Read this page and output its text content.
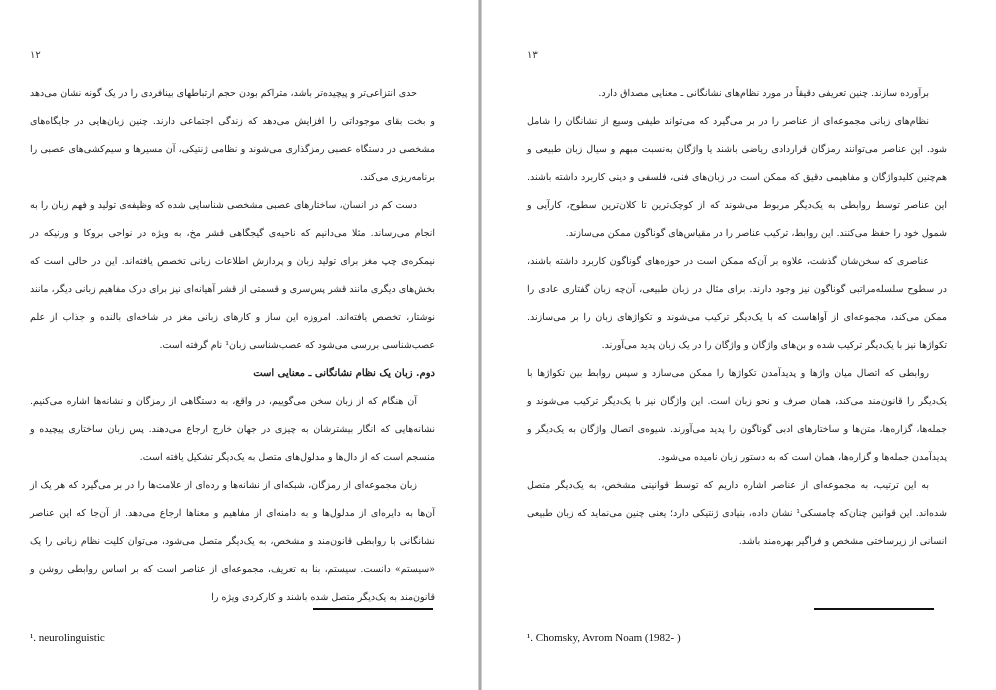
۱۲

حدی انتزاعی‌تر و پیچیده‌تر باشد، متراکم بودن حجم ارتباطهای بینافردی را در یک گونه نشان می‌دهد و بخت بقای موجوداتی را افزایش می‌دهد که زندگی اجتماعی دارند. چنین زبان‌هایی در جایگاه‌های مشخصی در دستگاه عصبی رمزگذاری می‌شوند و نظامی ژنتیکی، آن مسیرها و سیم‌کشی‌های عصبی را برنامه‌ریزی می‌کند.

دست کم در انسان، ساختارهای عصبی مشخصی شناسایی شده که وظیفه‌ی تولید و فهم زبان را به انجام می‌رساند. مثلا می‌دانیم که ناحیه‌ی گیجگاهی قشر مخ، به ویژه در نواحی بروکا و ورنیکه در نیمکره‌ی چپ مغز برای تولید زبان و پردازش اطلاعات زبانی تخصص یافته‌اند. این در حالی است که بخش‌های دیگری مانند قشر پس‌سری و قسمتی از قشر آهیانه‌ای نیز برای درک مفاهیم زبانی دیگر، مانند نوشتار، تخصص یافته‌اند. امروزه این ساز و کارهای زبانی مغز در شاخه‌ای بالنده و جذاب از علم عصب‌شناسی بررسی می‌شود که عصب‌شناسی زبان¹ نام گرفته است.

دوم. زبان یک نظام نشانگانی ـ معنایی است

آن هنگام که از زبان سخن می‌گوییم، در واقع، به دستگاهی از رمزگان و نشانه‌ها اشاره می‌کنیم. نشانه‌هایی که انگار بیشترشان به چیزی در جهان خارج ارجاع می‌دهند. پس زبان ساختاری پیچیده و منسجم است که از دال‌ها و مدلول‌های متصل به یک‌دیگر تشکیل یافته است.

زبان مجموعه‌ای از رمزگان، شبکه‌ای از نشانه‌ها و رده‌ای از علامت‌ها را در بر می‌گیرد که هر یک از آن‌ها به دایره‌ای از مدلول‌ها و به دامنه‌ای از مفاهیم و معناها ارجاع می‌دهد. از آن‌جا که این عناصر نشانگانی با روابطی قانون‌مند و مشخص، به یک‌دیگر متصل می‌شود، می‌توان کلیت نظام زبانی را یک «سیستم» دانست. سیستم، بنا به تعریف، مجموعه‌ای از عناصر است که بر اساس روابطی روشن و قانون‌مند به یک‌دیگر متصل شده باشند و کارکردی ویژه را

¹. neurolinguistic
۱۳

برآورده سازند. چنین تعریفی دقیقاً در مورد نظام‌های نشانگانی ـ معنایی مصداق دارد.

نظام‌های زبانی مجموعه‌ای از عناصر را در بر می‌گیرد که می‌تواند طیفی وسیع از نشانگان را شامل شود. این عناصر می‌توانند رمزگان قراردادی ریاضی باشند یا واژگان به‌نسبت مبهم و سیال زبان طبیعی و هم‌چنین کلیدواژگان و مفاهیمی دقیق که ممکن است در زبان‌های فنی، فلسفی و دینی کاربرد داشته باشند. این عناصر توسط روابطی به یک‌دیگر مربوط می‌شوند که از کوچک‌ترین تا کلان‌ترین سطوح، کارآیی و شمول خود را حفظ می‌کنند. این روابط، ترکیب عناصر را در مقیاس‌های گوناگون ممکن می‌سازند.

عناصری که سخن‌شان گذشت، علاوه بر آن‌که ممکن است در حوزه‌های گوناگون کاربرد داشته باشند، در سطوح سلسله‌مراتبی گوناگون نیز وجود دارند. برای مثال در زبان طبیعی، آن‌چه زبان گفتاری عادی را ممکن می‌کند، مجموعه‌ای از آواهاست که با یک‌دیگر ترکیب می‌شوند و تکواژهای زبان را بر می‌سازند. تکواژها نیز با یک‌دیگر ترکیب شده و بن‌های واژگان و واژگان را در یک زبان پدید می‌آورند.

روابطی که اتصال میان واژها و پدیدآمدن تکواژها را ممکن می‌سازد و سپس روابط بین تکواژها با یک‌دیگر را قانون‌مند می‌کند، همان صرف و نحو زبان است. این واژگان نیز با یک‌دیگر ترکیب می‌شوند و جمله‌ها، گزاره‌ها، متن‌ها و ساختارهای ادبی گوناگون را پدید می‌آورند. شیوه‌ی اتصال واژگان به یک‌دیگر و پدیدآمدن جمله‌ها و گزاره‌ها، همان است که به دستور زبان نامیده می‌شود.

به این ترتیب، به مجموعه‌ای از عناصر اشاره داریم که توسط قوانینی مشخص، به یک‌دیگر متصل شده‌اند. این قوانین چنان‌که چامسکی¹ نشان داده، بنیادی ژنتیکی دارد؛ یعنی چنین می‌نماید که زبان طبیعی انسانی از زیرساختی مشخص و فراگیر بهره‌مند باشد.

¹. Chomsky, Avrom Noam (1982- )
